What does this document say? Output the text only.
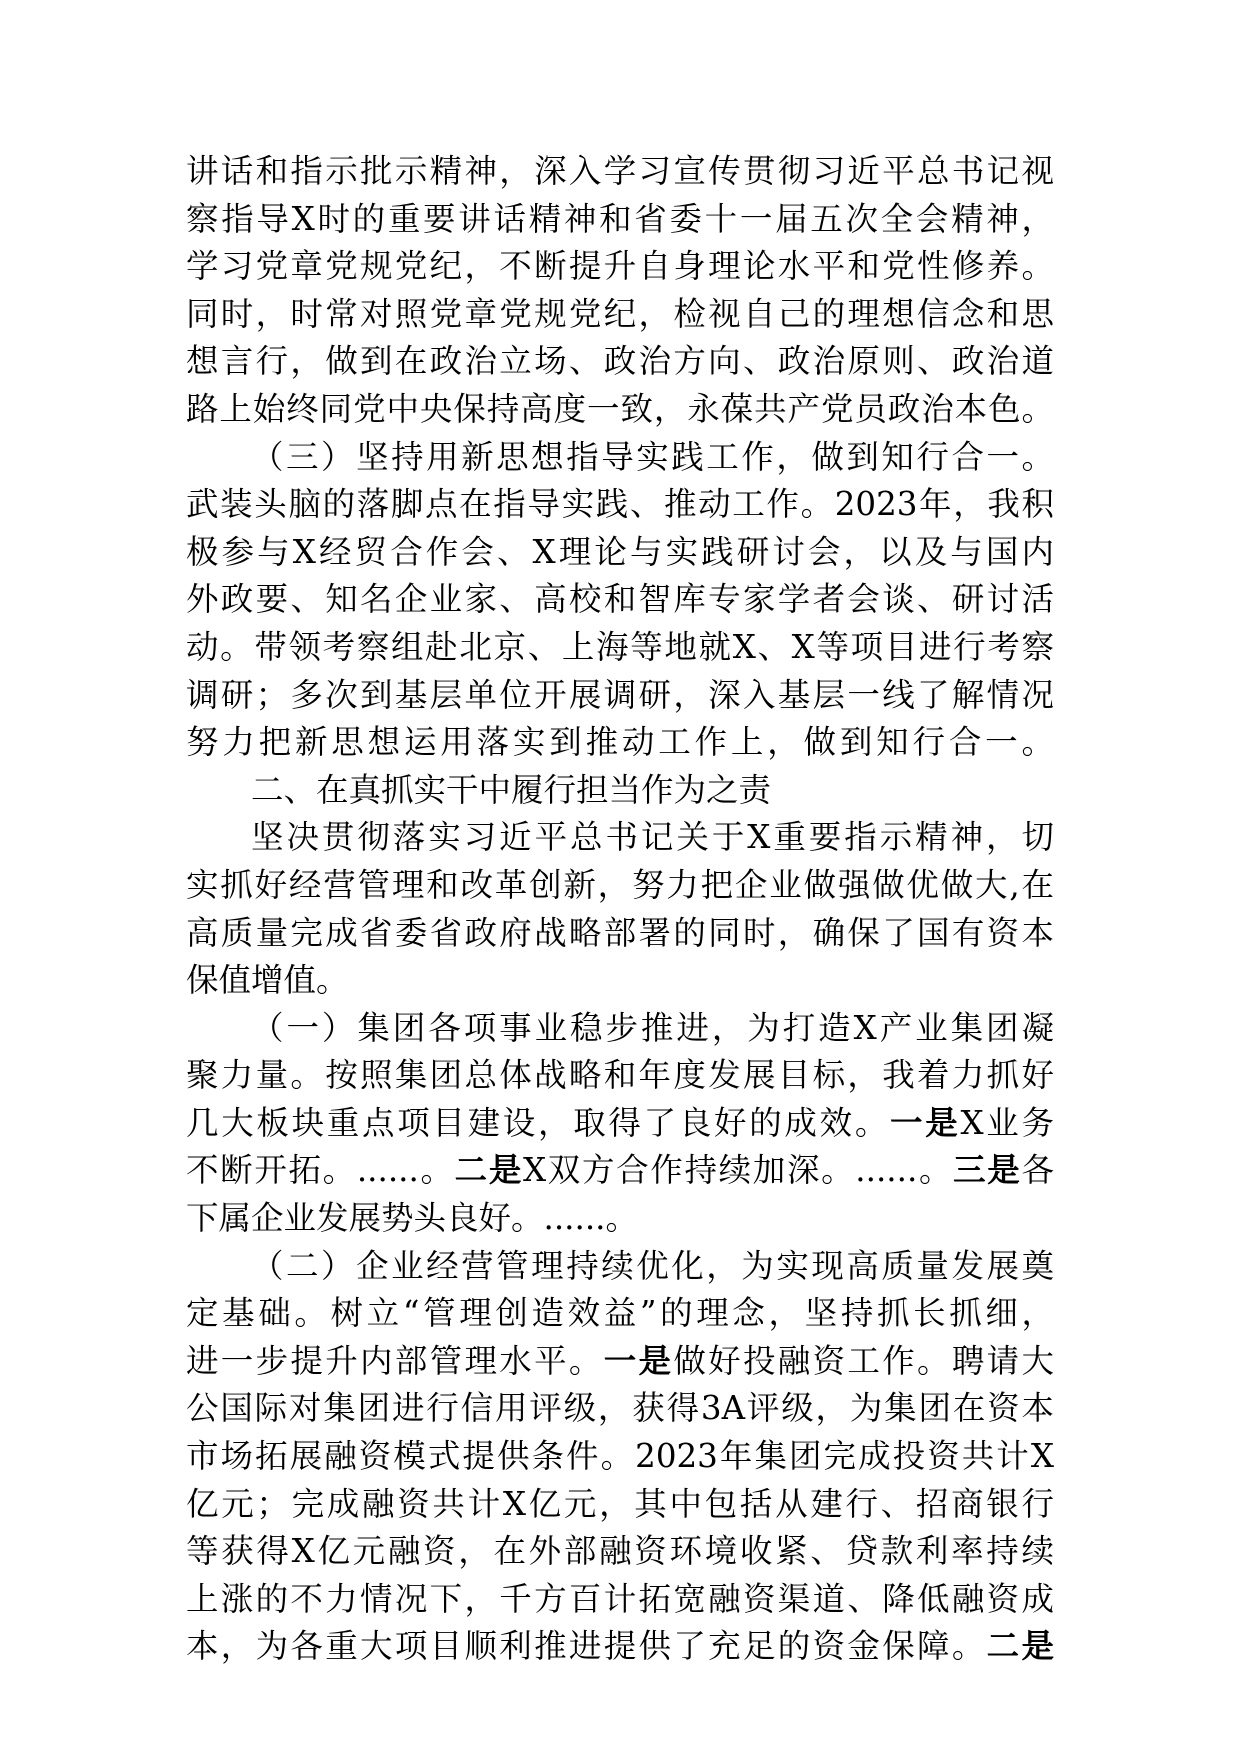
讲话和指示批示精神，深入学习宣传贯彻习近平总书记视
察指导X时的重要讲话精神和省委十一届五次全会精神，
学习党章党规党纪，不断提升自身理论水平和党性修养。
同时，时常对照党章党规党纪，检视自己的理想信念和思
想言行，做到在政治立场、政治方向、政治原则、政治道
路上始终同党中央保持高度一致，永葆共产党员政治本色。
（三）坚持用新思想指导实践工作，做到知行合一。
武装头脑的落脚点在指导实践、推动工作。2023年，我积
极参与X经贸合作会、X理论与实践研讨会，以及与国内
外政要、知名企业家、高校和智库专家学者会谈、研讨活
动。带领考察组赴北京、上海等地就X、X等项目进行考察
调研；多次到基层单位开展调研，深入基层一线了解情况
努力把新思想运用落实到推动工作上，做到知行合一。
二、在真抓实干中履行担当作为之责
坚决贯彻落实习近平总书记关于X重要指示精神，切
实抓好经营管理和改革创新，努力把企业做强做优做大,在
高质量完成省委省政府战略部署的同时，确保了国有资本
保值增值。
（一）集团各项事业稳步推进，为打造X产业集团凝
聚力量。按照集团总体战略和年度发展目标，我着力抓好
几大板块重点项目建设，取得了良好的成效。一是X业务
不断开拓。......。二是X双方合作持续加深。......。三是各
下属企业发展势头良好。......。
（二）企业经营管理持续优化，为实现高质量发展奠
定基础。树立“管理创造效益”的理念，坚持抓长抓细，
进一步提升内部管理水平。一是做好投融资工作。聘请大
公国际对集团进行信用评级，获得3A评级，为集团在资本
市场拓展融资模式提供条件。2023年集团完成投资共计X
亿元；完成融资共计X亿元，其中包括从建行、招商银行
等获得X亿元融资，在外部融资环境收紧、贷款利率持续
上涨的不力情况下，千方百计拓宽融资渠道、降低融资成
本，为各重大项目顺利推进提供了充足的资金保障。二是
